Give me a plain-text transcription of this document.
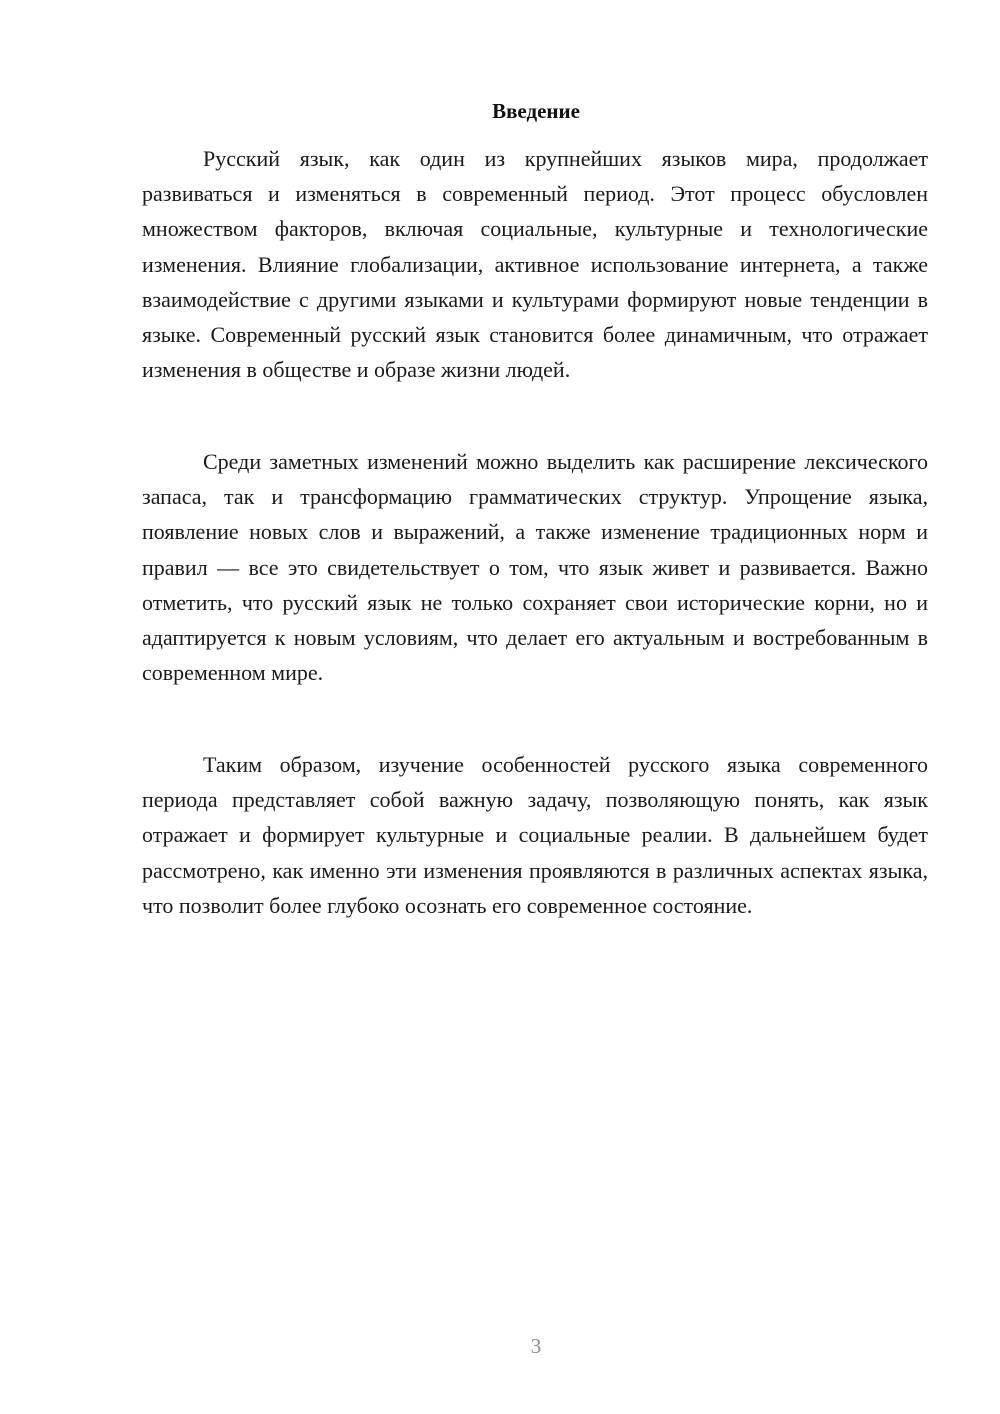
Введение

Русский язык, как один из крупнейших языков мира, продолжает развиваться и изменяться в современный период. Этот процесс обусловлен множеством факторов, включая социальные, культурные и технологические изменения. Влияние глобализации, активное использование интернета, а также взаимодействие с другими языками и культурами формируют новые тенденции в языке. Современный русский язык становится более динамичным, что отражает изменения в обществе и образе жизни людей.

Среди заметных изменений можно выделить как расширение лексического запаса, так и трансформацию грамматических структур. Упрощение языка, появление новых слов и выражений, а также изменение традиционных норм и правил — все это свидетельствует о том, что язык живет и развивается. Важно отметить, что русский язык не только сохраняет свои исторические корни, но и адаптируется к новым условиям, что делает его актуальным и востребованным в современном мире.

Таким образом, изучение особенностей русского языка современного периода представляет собой важную задачу, позволяющую понять, как язык отражает и формирует культурные и социальные реалии. В дальнейшем будет рассмотрено, как именно эти изменения проявляются в различных аспектах языка, что позволит более глубоко осознать его современное состояние.

3
